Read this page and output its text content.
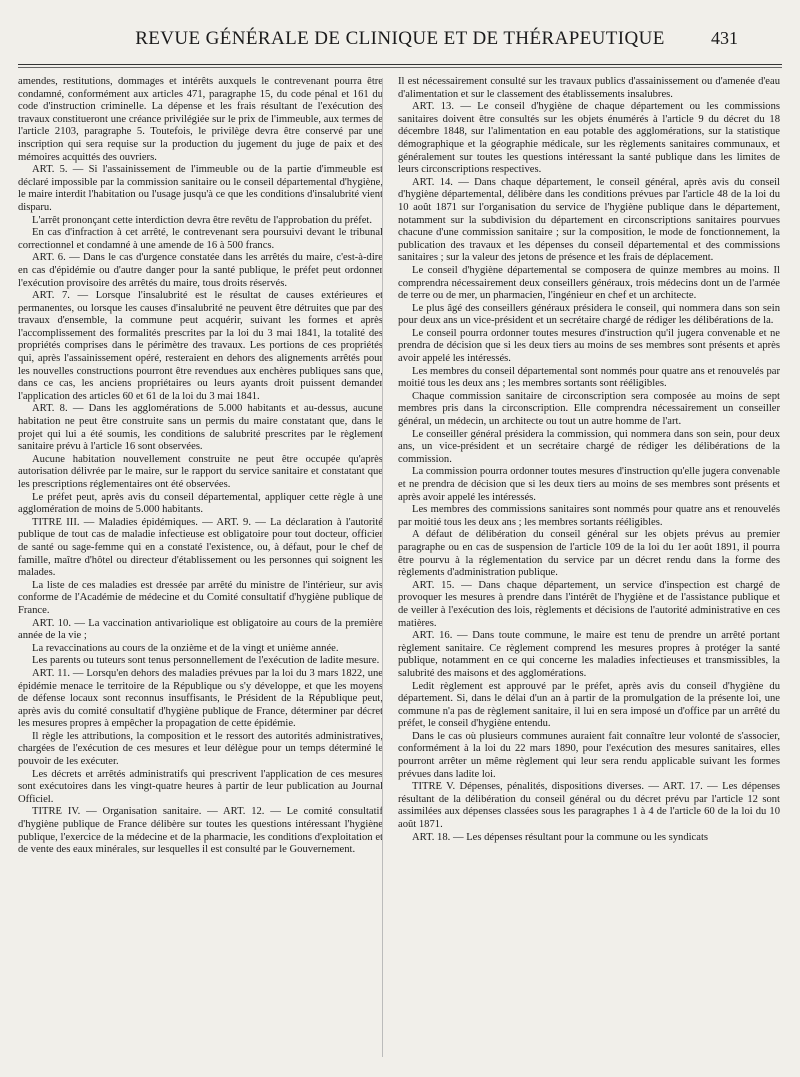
REVUE GÉNÉRALE DE CLINIQUE ET DE THÉRAPEUTIQUE	431

amendes, restitutions, dommages et intérêts auxquels le contrevenant pourra être condamné, conformément aux articles 471, paragraphe 15, du code pénal et 161 du code d'instruction criminelle. La dépense et les frais résultant de l'exécution des travaux constitueront une créance privilégiée sur le prix de l'immeuble, aux termes de l'article 2103, paragraphe 5. Toutefois, le privilège devra être conservé par une inscription qui sera requise sur la production du jugement du juge de paix et des mémoires acquittés des ouvriers.

ART. 5. — Si l'assainissement de l'immeuble ou de la partie d'immeuble est déclaré impossible par la commission sanitaire ou le conseil départemental d'hygiène, le maire interdit l'habitation ou l'usage jusqu'à ce que les conditions d'insalubrité vient disparu.

L'arrêt prononçant cette interdiction devra être revêtu de l'approbation du préfet.

En cas d'infraction à cet arrêté, le contrevenant sera poursuivi devant le tribunal correctionnel et condamné à une amende de 16 à 500 francs.

ART. 6. — Dans le cas d'urgence constatée dans les arrêtés du maire, c'est-à-dire en cas d'épidémie ou d'autre danger pour la santé publique, le préfet peut ordonner l'exécution provisoire des arrêtés du maire, tous droits réservés.

ART. 7. — Lorsque l'insalubrité est le résultat de causes extérieures et permanentes, ou lorsque les causes d'insalubrité ne peuvent être détruites que par des travaux d'ensemble, la commune peut acquérir, suivant les formes et après l'accomplissement des formalités prescrites par la loi du 3 mai 1841, la totalité des propriétés comprises dans le périmètre des travaux. Les portions de ces propriétés qui, après l'assainissement opéré, resteraient en dehors des alignements arrêtés pour les nouvelles constructions pourront être revendues aux enchères publiques sans que, dans ce cas, les anciens propriétaires ou leurs ayants droit puissent demander l'application des articles 60 et 61 de la loi du 3 mai 1841.

ART. 8. — Dans les agglomérations de 5.000 habitants et au-dessus, aucune habitation ne peut être construite sans un permis du maire constatant que, dans le projet qui lui a été soumis, les conditions de salubrité prescrites par le règlement sanitaire prévu à l'article 16 sont observées.

Aucune habitation nouvellement construite ne peut être occupée qu'après autorisation délivrée par le maire, sur le rapport du service sanitaire et constatant que les prescriptions réglementaires ont été observées.

Le préfet peut, après avis du conseil départemental, appliquer cette règle à une agglomération de moins de 5.000 habitants.

TITRE III. — Maladies épidémiques. — ART. 9. — La déclaration à l'autorité publique de tout cas de maladie infectieuse est obligatoire pour tout docteur, officier de santé ou sage-femme qui en a constaté l'existence, ou, à défaut, pour le chef de famille, maître d'hôtel ou directeur d'établissement ou les personnes qui soignent les malades.

La liste de ces maladies est dressée par arrêté du ministre de l'intérieur, sur avis conforme de l'Académie de médecine et du Comité consultatif d'hygiène publique de France.

ART. 10. — La vaccination antivariolique est obligatoire au cours de la première année de la vie ;

La revaccinations au cours de la onzième et de la vingt et unième année.

Les parents ou tuteurs sont tenus personnellement de l'exécution de ladite mesure.

ART. 11. — Lorsqu'en dehors des maladies prévues par la loi du 3 mars 1822, une épidémie menace le territoire de la République ou s'y développe, et que les moyens de défense locaux sont reconnus insuffisants, le Président de la République peut, après avis du comité consultatif d'hygiène publique de France, déterminer par décret les mesures propres à empêcher la propagation de cette épidémie.

Il règle les attributions, la composition et le ressort des autorités administratives, chargées de l'exécution de ces mesures et leur délègue pour un temps déterminé le pouvoir de les exécuter.

Les décrets et arrêtés administratifs qui prescrivent l'application de ces mesures sont exécutoires dans les vingt-quatre heures à partir de leur publication au Journal Officiel.

TITRE IV. — Organisation sanitaire. — ART. 12. — Le comité consultatif d'hygiène publique de France délibère sur toutes les questions intéressant l'hygiène publique, l'exercice de la médecine et de la pharmacie, les conditions d'exploitation et de vente des eaux minérales, sur lesquelles il est consulté par le Gouvernement.

Il est nécessairement consulté sur les travaux publics d'assainissement ou d'amenée d'eau d'alimentation et sur le classement des établissements insalubres.

ART. 13. — Le conseil d'hygiène de chaque département ou les commissions sanitaires doivent être consultés sur les objets énumérés à l'article 9 du décret du 18 décembre 1848, sur l'alimentation en eau potable des agglomérations, sur la statistique démographique et la géographie médicale, sur les règlements sanitaires communaux, et généralement sur toutes les questions intéressant la santé publique dans les limites de leurs circonscriptions respectives.

ART. 14. — Dans chaque département, le conseil général, après avis du conseil d'hygiène départemental, délibère dans les conditions prévues par l'article 48 de la loi du 10 août 1871 sur l'organisation du service de l'hygiène publique dans le département, notamment sur la subdivision du département en circonscriptions sanitaires pourvues chacune d'une commission sanitaire ; sur la composition, le mode de fonctionnement, la publication des travaux et les dépenses du conseil départemental et des commissions sanitaires ; sur la valeur des jetons de présence et les frais de déplacement.

Le conseil d'hygiène départemental se composera de quinze membres au moins. Il comprendra nécessairement deux conseillers généraux, trois médecins dont un de l'armée de terre ou de mer, un pharmacien, l'ingénieur en chef et un architecte.

Le plus âgé des conseillers généraux présidera le conseil, qui nommera dans son sein pour deux ans un vice-président et un secrétaire chargé de rédiger les délibérations de la.

Le conseil pourra ordonner toutes mesures d'instruction qu'il jugera convenable et ne prendra de décision que si les deux tiers au moins de ses membres sont présents et après avoir appelé les intéressés.

Les membres du conseil départemental sont nommés pour quatre ans et renouvelés par moitié tous les deux ans ; les membres sortants sont rééligibles.

Chaque commission sanitaire de circonscription sera composée au moins de sept membres pris dans la circonscription. Elle comprendra nécessairement un conseiller général, un médecin, un architecte ou tout un autre homme de l'art.

Le conseiller général présidera la commission, qui nommera dans son sein, pour deux ans, un vice-président et un secrétaire chargé de rédiger les délibérations de la commission.

La commission pourra ordonner toutes mesures d'instruction qu'elle jugera convenable et ne prendra de décision que si les deux tiers au moins de ses membres sont présents et après avoir appelé les intéressés.

Les membres des commissions sanitaires sont nommés pour quatre ans et renouvelés par moitié tous les deux ans ; les membres sortants rééligibles.

A défaut de délibération du conseil général sur les objets prévus au premier paragraphe ou en cas de suspension de l'article 109 de la loi du 1er août 1891, il pourra être pourvu à la réglementation du service par un décret rendu dans la forme des règlements d'administration publique.

ART. 15. — Dans chaque département, un service d'inspection est chargé de provoquer les mesures à prendre dans l'intérêt de l'hygiène et de l'assistance publique et de veiller à l'exécution des lois, règlements et décisions de l'autorité administrative en ces matières.

ART. 16. — Dans toute commune, le maire est tenu de prendre un arrêté portant règlement sanitaire. Ce règlement comprend les mesures propres à protéger la santé publique, notamment en ce qui concerne les maladies infectieuses et transmissibles, la salubrité des maisons et des agglomérations.

Ledit règlement est approuvé par le préfet, après avis du conseil d'hygiène du département. Si, dans le délai d'un an à partir de la promulgation de la présente loi, une commune n'a pas de règlement sanitaire, il lui en sera imposé un d'office par un arrêté du préfet, le conseil d'hygiène entendu.

Dans le cas où plusieurs communes auraient fait connaître leur volonté de s'associer, conformément à la loi du 22 mars 1890, pour l'exécution des mesures sanitaires, elles pourront arrêter un même règlement qui leur sera rendu applicable suivant les formes prévues dans ladite loi.

TITRE V. Dépenses, pénalités, dispositions diverses. — ART. 17. — Les dépenses résultant de la délibération du conseil général ou du décret prévu par l'article 12 sont assimilées aux dépenses classées sous les paragraphes 1 à 4 de l'article 60 de la loi du 10 août 1871.

ART. 18. — Les dépenses résultant pour la commune ou les syndicats
